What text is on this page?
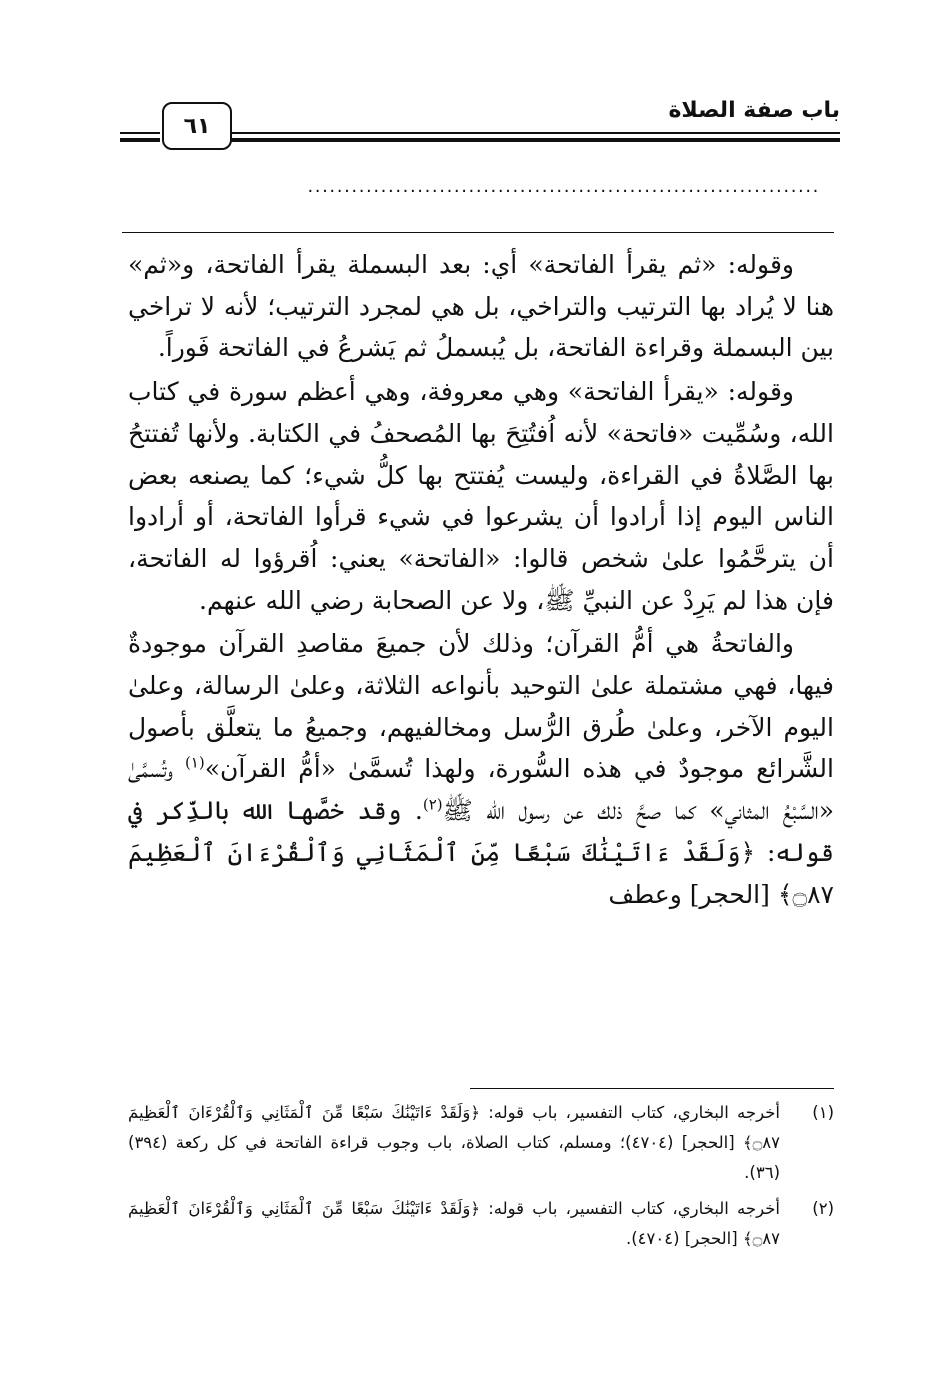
باب صفة الصلاة
٦١
......................................................................

وقوله: «ثم يقرأ الفاتحة» أي: بعد البسملة يقرأ الفاتحة، و«ثم» هنا لا يُراد بها الترتيب والتراخي، بل هي لمجرد الترتيب؛ لأنه لا تراخي بين البسملة وقراءة الفاتحة، بل يُبسملُ ثم يَشرعُ في الفاتحة فَوراً.

وقوله: «يقرأ الفاتحة» وهي معروفة، وهي أعظم سورة في كتاب الله، وسُمِّيت «فاتحة» لأنه اُفتُتِحَ بها المُصحفُ في الكتابة. ولأنها تُفتتحُ بها الصَّلاةُ في القراءة، وليست يُفتتح بها كلُّ شيء؛ كما يصنعه بعض الناس اليوم إذا أرادوا أن يشرعوا في شيء قرأوا الفاتحة، أو أرادوا أن يترحَّمُوا علىٰ شخص قالوا: «الفاتحة» يعني: اُقرؤوا له الفاتحة، فإن هذا لم يَرِدْ عن النبيِّ ﷺ، ولا عن الصحابة رضي الله عنهم.

والفاتحةُ هي أمُّ القرآن؛ وذلك لأن جميعَ مقاصدِ القرآن موجودةٌ فيها، فهي مشتملة علىٰ التوحيد بأنواعه الثلاثة، وعلىٰ الرسالة، وعلىٰ اليوم الآخر، وعلىٰ طُرق الرُّسل ومخالفيهم، وجميعُ ما يتعلَّق بأصول الشَّرائع موجودٌ في هذه السُّورة، ولهذا تُسمَّىٰ «أمُّ القرآن»$^{(١)}$ وتُسمَّىٰ «السَّبْعُ المثاني» كما صحَّ ذلك عن رسول الله ﷺ$^{(٢)}$. وقد خصَّها الله بالذِّكر في قوله: ﴿وَلَقَدْ ءَاتَيْنَٰكَ سَبْعًا مِّنَ ٱلْمَثَانِي وَٱلْقُرْءَانَ ٱلْعَظِيمَ ۝٨٧﴾ [الحجر] وعطف

(١)
أخرجه البخاري، كتاب التفسير، باب قوله: ﴿وَلَقَدْ ءَاتَيْنَٰكَ سَبْعًا مِّنَ ٱلْمَثَانِي وَٱلْقُرْءَانَ ٱلْعَظِيمَ ۝٨٧﴾ [الحجر] (٤٧٠٤)؛ ومسلم، كتاب الصلاة، باب وجوب قراءة الفاتحة في كل ركعة (٣٩٤) (٣٦).
(٢)
أخرجه البخاري، كتاب التفسير، باب قوله: ﴿وَلَقَدْ ءَاتَيْنَٰكَ سَبْعًا مِّنَ ٱلْمَثَانِي وَٱلْقُرْءَانَ ٱلْعَظِيمَ ۝٨٧﴾ [الحجر] (٤٧٠٤).
